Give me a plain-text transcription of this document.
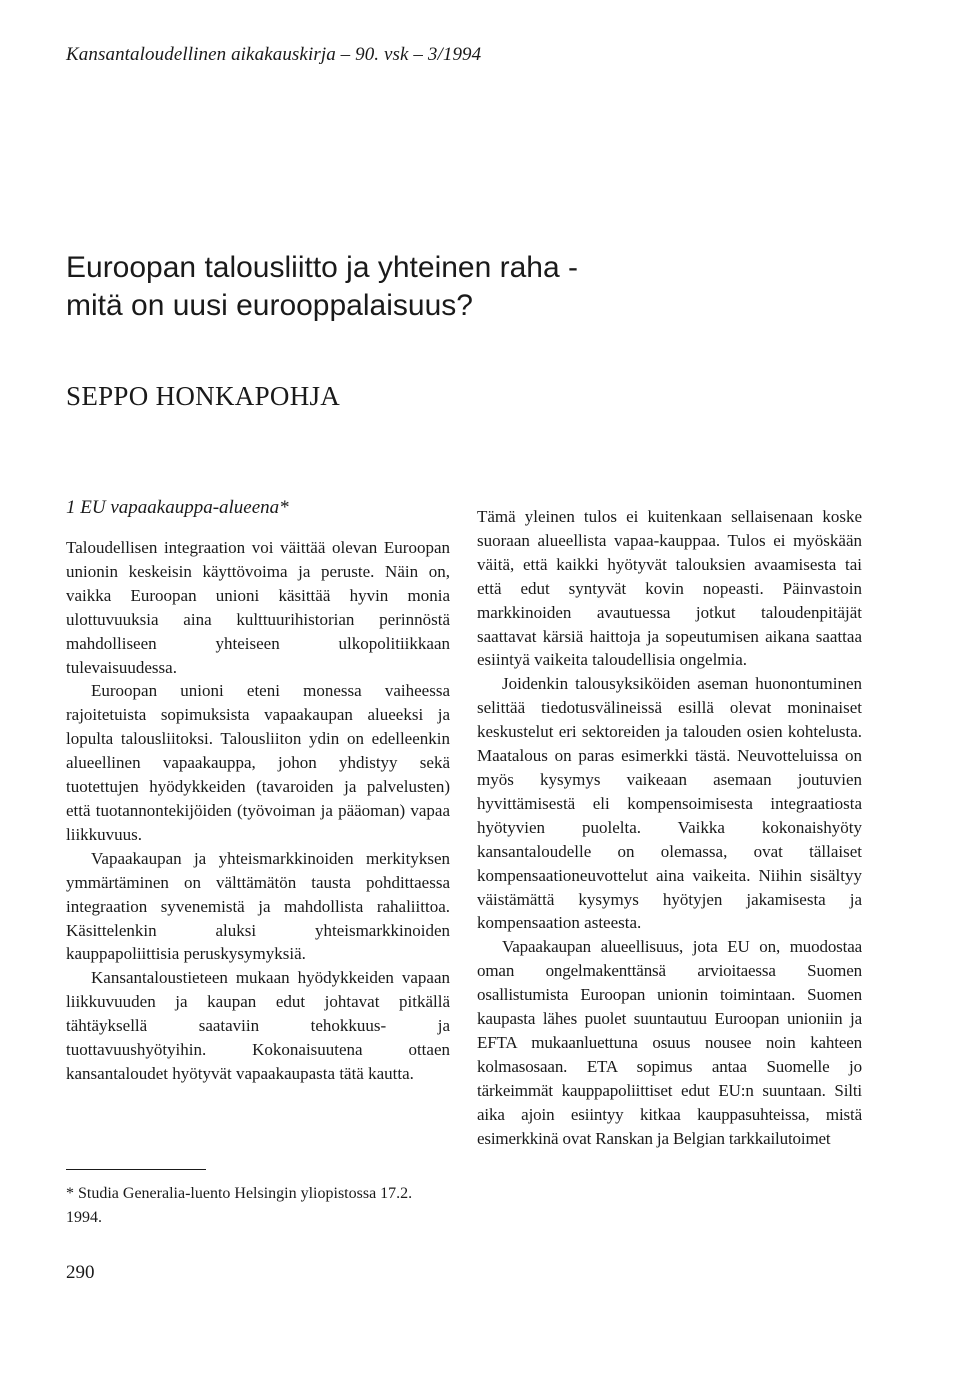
Kansantaloudellinen aikakauskirja – 90. vsk – 3/1994
Euroopan talousliitto ja yhteinen raha -
mitä on uusi eurooppalaisuus?
SEPPO HONKAPOHJA
1 EU vapaakauppa-alueena*

Taloudellisen integraation voi väittää olevan Euroopan unionin keskeisin käyttövoima ja peruste. Näin on, vaikka Euroopan unioni käsittää hyvin monia ulottuvuuksia aina kulttuurihistorian perinnöstä mahdolliseen yhteiseen ulkopolitiikkaan tulevaisuudessa.

Euroopan unioni eteni monessa vaiheessa rajoitetuista sopimuksista vapaakaupan alueeksi ja lopulta talousliitoksi. Talousliiton ydin on edelleenkin alueellinen vapaakauppa, johon yhdistyy sekä tuotettujen hyödykkeiden (tavaroiden ja palvelusten) että tuotannontekijöiden (työvoiman ja pääoman) vapaa liikkuvuus.

Vapaakaupan ja yhteismarkkinoiden merkityksen ymmärtäminen on välttämätön tausta pohdittaessa integraation syvenemistä ja mahdollista rahaliittoa. Käsittelenkin aluksi yhteismarkkinoiden kauppapoliittisia peruskysymyksiä.

Kansantaloustieteen mukaan hyödykkeiden vapaan liikkuvuuden ja kaupan edut johtavat pitkällä tähtäyksellä saataviin tehokkuus- ja tuottavuushyötyihin. Kokonaisuutena ottaen kansantaloudet hyötyvät vapaakaupasta tätä kautta.

* Studia Generalia-luento Helsingin yliopistossa 17.2. 1994.

Tämä yleinen tulos ei kuitenkaan sellaisenaan koske suoraan alueellista vapaa-kauppaa. Tulos ei myöskään väitä, että kaikki hyötyvät talouksien avaamisesta tai että edut syntyvät kovin nopeasti. Päinvastoin markkinoiden avautuessa jotkut taloudenpitäjät saattavat kärsiä haittoja ja sopeutumisen aikana saattaa esiintyä vaikeita taloudellisia ongelmia.

Joidenkin talousyksiköiden aseman huonontuminen selittää tiedotusvälineissä esillä olevat moninaiset keskustelut eri sektoreiden ja talouden osien kohtelusta. Maatalous on paras esimerkki tästä. Neuvotteluissa on myös kysymys vaikeaan asemaan joutuvien hyvittämisestä eli kompensoimisesta integraatiosta hyötyvien puolelta. Vaikka kokonaishyöty kansantaloudelle on olemassa, ovat tällaiset kompensaationeuvottelut aina vaikeita. Niihin sisältyy väistämättä kysymys hyötyjen jakamisesta ja kompensaation asteesta.

Vapaakaupan alueellisuus, jota EU on, muodostaa oman ongelmakenttänsä arvioitaessa Suomen osallistumista Euroopan unionin toimintaan. Suomen kaupasta lähes puolet suuntautuu Euroopan unioniin ja EFTA mukaanluettuna osuus nousee noin kahteen kolmasosaan. ETA sopimus antaa Suomelle jo tärkeimmät kauppapoliittiset edut EU:n suuntaan. Silti aika ajoin esiintyy kitkaa kauppasuhteissa, mistä esimerkkinä ovat Ranskan ja Belgian tarkkailutoimet

290
